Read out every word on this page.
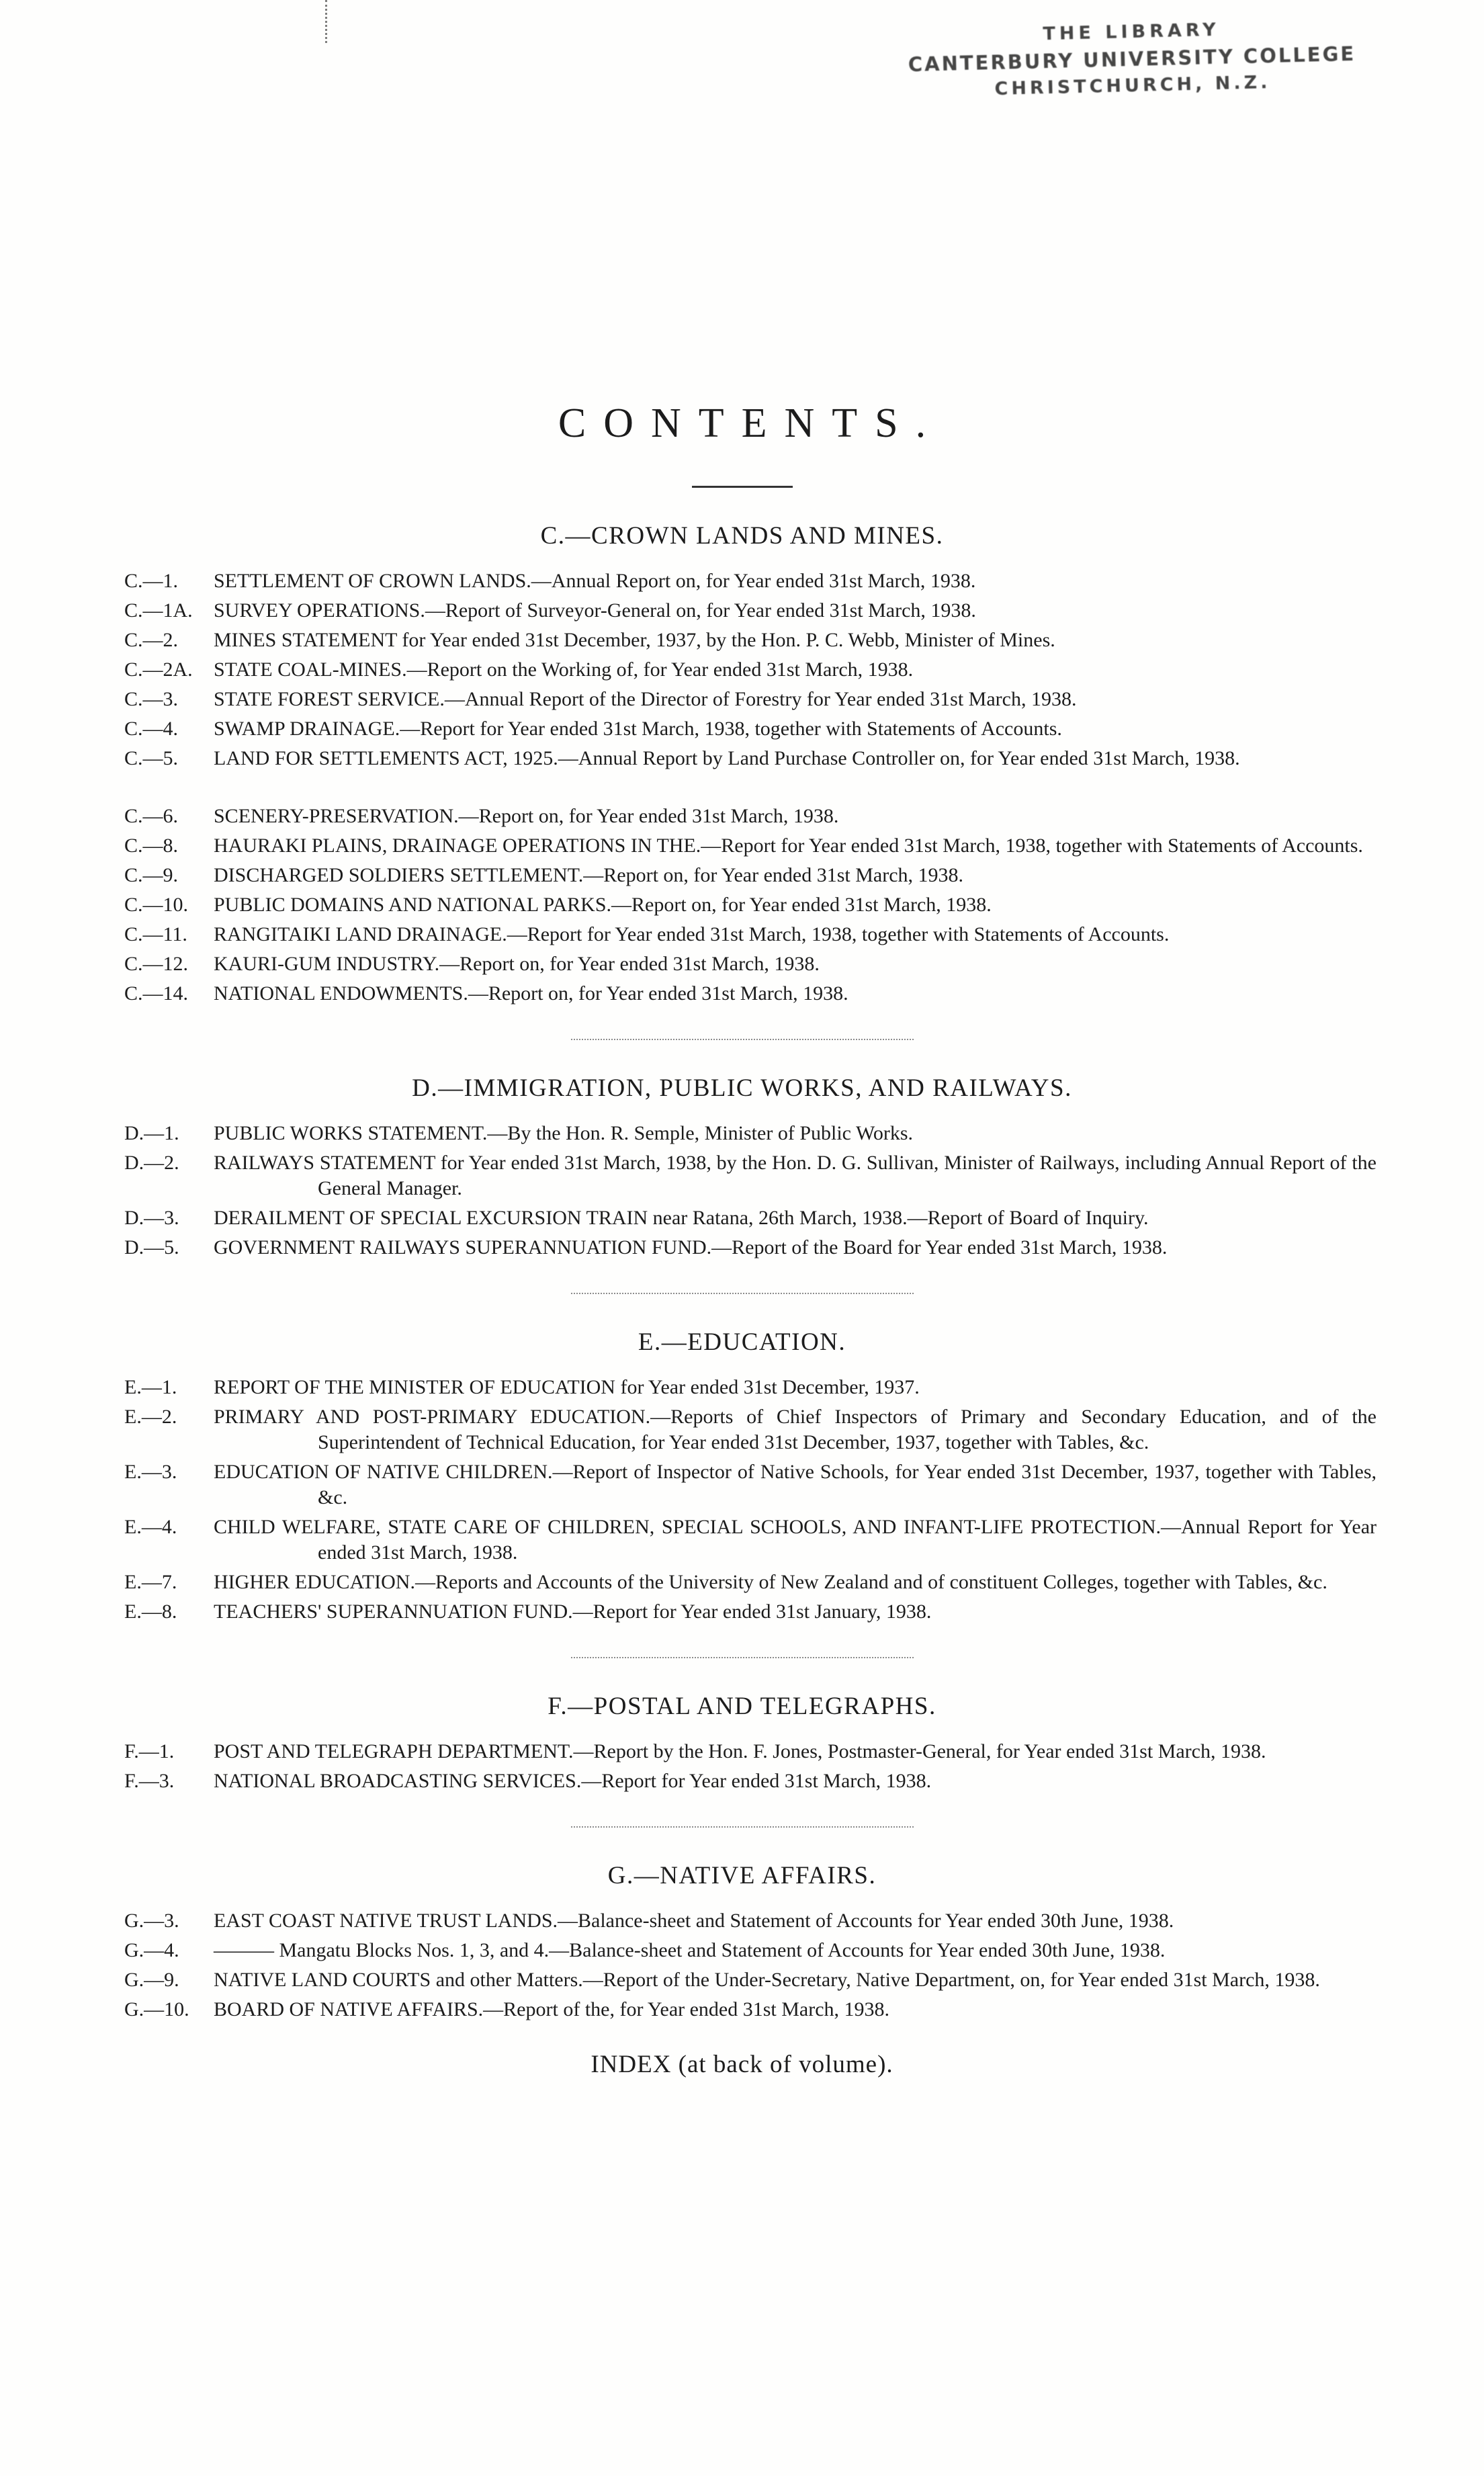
THE LIBRARY
CANTERBURY UNIVERSITY COLLEGE
CHRISTCHURCH, N.Z.
CONTENTS.
C.—CROWN LANDS AND MINES.
C.—1.	SETTLEMENT OF CROWN LANDS.—Annual Report on, for Year ended 31st March, 1938.
C.—1A.	SURVEY OPERATIONS.—Report of Surveyor-General on, for Year ended 31st March, 1938.
C.—2.	MINES STATEMENT for Year ended 31st December, 1937, by the Hon. P. C. Webb, Minister of Mines.
C.—2A.	STATE COAL-MINES.—Report on the Working of, for Year ended 31st March, 1938.
C.—3.	STATE FOREST SERVICE.—Annual Report of the Director of Forestry for Year ended 31st March, 1938.
C.—4.	SWAMP DRAINAGE.—Report for Year ended 31st March, 1938, together with Statements of Accounts.
C.—5.	LAND FOR SETTLEMENTS ACT, 1925.—Annual Report by Land Purchase Controller on, for Year ended 31st March, 1938.
C.—6.	SCENERY-PRESERVATION.—Report on, for Year ended 31st March, 1938.
C.—8.	HAURAKI PLAINS, DRAINAGE OPERATIONS IN THE.—Report for Year ended 31st March, 1938, together with Statements of Accounts.
C.—9.	DISCHARGED SOLDIERS SETTLEMENT.—Report on, for Year ended 31st March, 1938.
C.—10.	PUBLIC DOMAINS AND NATIONAL PARKS.—Report on, for Year ended 31st March, 1938.
C.—11.	RANGITAIKI LAND DRAINAGE.—Report for Year ended 31st March, 1938, together with Statements of Accounts.
C.—12.	KAURI-GUM INDUSTRY.—Report on, for Year ended 31st March, 1938.
C.—14.	NATIONAL ENDOWMENTS.—Report on, for Year ended 31st March, 1938.
D.—IMMIGRATION, PUBLIC WORKS, AND RAILWAYS.
D.—1.	PUBLIC WORKS STATEMENT.—By the Hon. R. Semple, Minister of Public Works.
D.—2.	RAILWAYS STATEMENT for Year ended 31st March, 1938, by the Hon. D. G. Sullivan, Minister of Railways, including Annual Report of the General Manager.
D.—3.	DERAILMENT OF SPECIAL EXCURSION TRAIN near Ratana, 26th March, 1938.—Report of Board of Inquiry.
D.—5.	GOVERNMENT RAILWAYS SUPERANNUATION FUND.—Report of the Board for Year ended 31st March, 1938.
E.—EDUCATION.
E.—1.	REPORT OF THE MINISTER OF EDUCATION for Year ended 31st December, 1937.
E.—2.	PRIMARY AND POST-PRIMARY EDUCATION.—Reports of Chief Inspectors of Primary and Secondary Education, and of the Superintendent of Technical Education, for Year ended 31st December, 1937, together with Tables, &c.
E.—3.	EDUCATION OF NATIVE CHILDREN.—Report of Inspector of Native Schools, for Year ended 31st December, 1937, together with Tables, &c.
E.—4.	CHILD WELFARE, STATE CARE OF CHILDREN, SPECIAL SCHOOLS, AND INFANT-LIFE PROTECTION.—Annual Report for Year ended 31st March, 1938.
E.—7.	HIGHER EDUCATION.—Reports and Accounts of the University of New Zealand and of constituent Colleges, together with Tables, &c.
E.—8.	TEACHERS' SUPERANNUATION FUND.—Report for Year ended 31st January, 1938.
F.—POSTAL AND TELEGRAPHS.
F.—1.	POST AND TELEGRAPH DEPARTMENT.—Report by the Hon. F. Jones, Postmaster-General, for Year ended 31st March, 1938.
F.—3.	NATIONAL BROADCASTING SERVICES.—Report for Year ended 31st March, 1938.
G.—NATIVE AFFAIRS.
G.—3.	EAST COAST NATIVE TRUST LANDS.—Balance-sheet and Statement of Accounts for Year ended 30th June, 1938.
G.—4.	——— Mangatu Blocks Nos. 1, 3, and 4.—Balance-sheet and Statement of Accounts for Year ended 30th June, 1938.
G.—9.	NATIVE LAND COURTS and other Matters.—Report of the Under-Secretary, Native Department, on, for Year ended 31st March, 1938.
G.—10.	BOARD OF NATIVE AFFAIRS.—Report of the, for Year ended 31st March, 1938.
INDEX (at back of volume).
